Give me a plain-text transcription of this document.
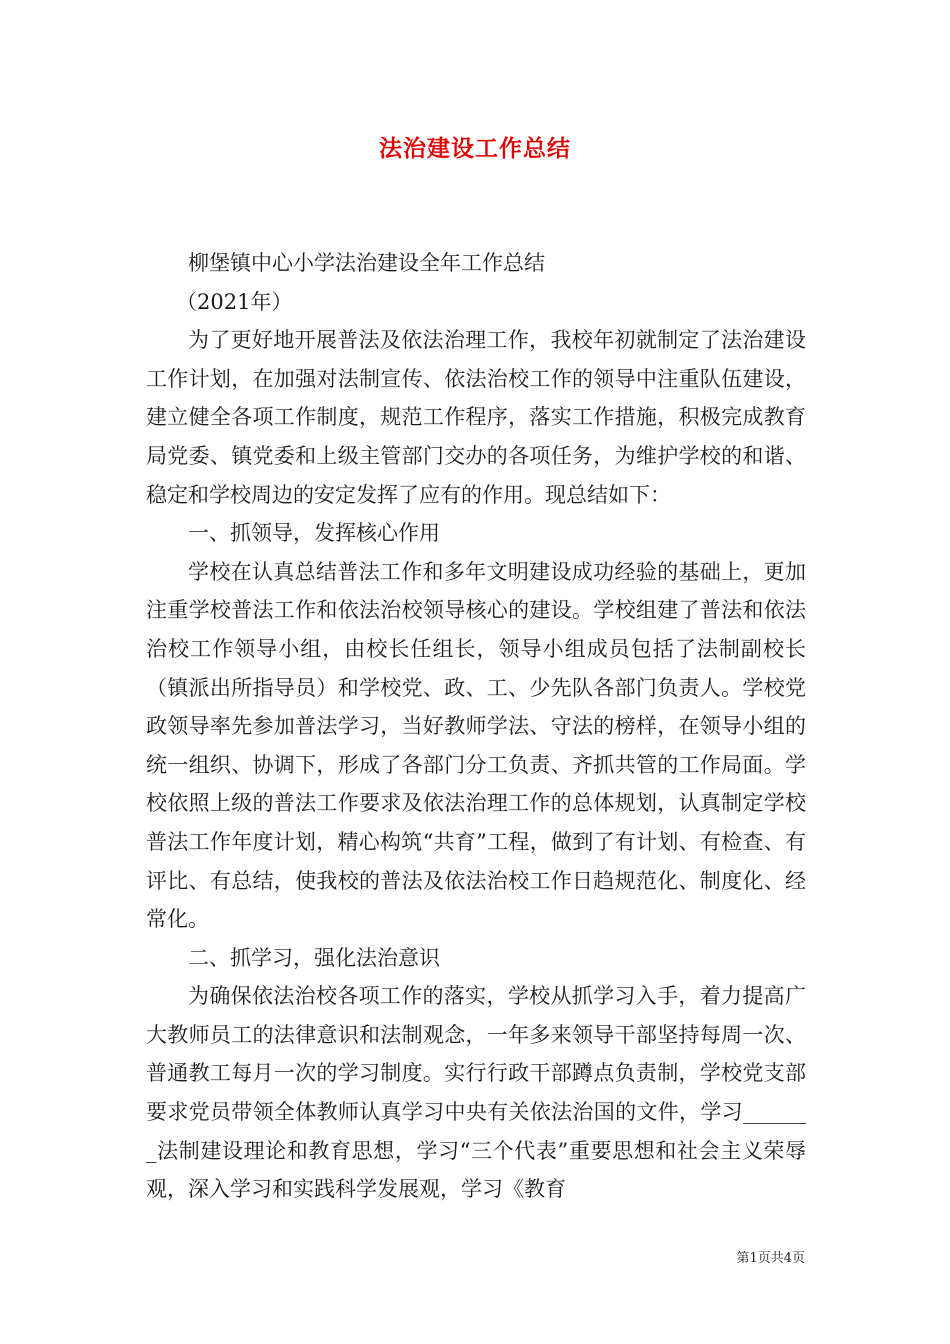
法治建设工作总结

柳堡镇中心小学法治建设全年工作总结

（2021年）

为了更好地开展普法及依法治理工作，我校年初就制定了法治建设工作计划，在加强对法制宣传、依法治校工作的领导中注重队伍建设，建立健全各项工作制度，规范工作程序，落实工作措施，积极完成教育局党委、镇党委和上级主管部门交办的各项任务，为维护学校的和谐、稳定和学校周边的安定发挥了应有的作用。现总结如下：

一、抓领导，发挥核心作用

学校在认真总结普法工作和多年文明建设成功经验的基础上，更加注重学校普法工作和依法治校领导核心的建设。学校组建了普法和依法治校工作领导小组，由校长任组长，领导小组成员包括了法制副校长（镇派出所指导员）和学校党、政、工、少先队各部门负责人。学校党政领导率先参加普法学习，当好教师学法、守法的榜样，在领导小组的统一组织、协调下，形成了各部门分工负责、齐抓共管的工作局面。学校依照上级的普法工作要求及依法治理工作的总体规划，认真制定学校普法工作年度计划，精心构筑“共育”工程，做到了有计划、有检查、有评比、有总结，使我校的普法及依法治校工作日趋规范化、制度化、经常化。

二、抓学习，强化法治意识

为确保依法治校各项工作的落实，学校从抓学习入手，着力提高广大教师员工的法律意识和法制观念，一年多来领导干部坚持每周一次、普通教工每月一次的学习制度。实行行政干部蹲点负责制，学校党支部要求党员带领全体教师认真学习中央有关依法治国的文件，学习_______法制建设理论和教育思想，学习“三个代表”重要思想和社会主义荣辱观，深入学习和实践科学发展观，学习《教育

第1页共4页
